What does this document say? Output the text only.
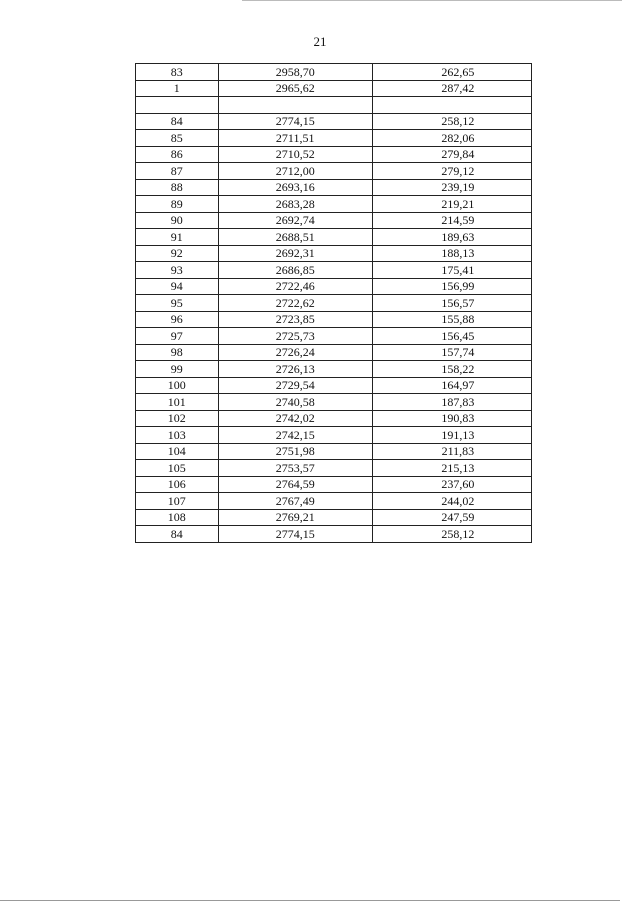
21
83	2958,70	262,65
1	2965,62	287,42

84	2774,15	258,12
85	2711,51	282,06
86	2710,52	279,84
87	2712,00	279,12
88	2693,16	239,19
89	2683,28	219,21
90	2692,74	214,59
91	2688,51	189,63
92	2692,31	188,13
93	2686,85	175,41
94	2722,46	156,99
95	2722,62	156,57
96	2723,85	155,88
97	2725,73	156,45
98	2726,24	157,74
99	2726,13	158,22
100	2729,54	164,97
101	2740,58	187,83
102	2742,02	190,83
103	2742,15	191,13
104	2751,98	211,83
105	2753,57	215,13
106	2764,59	237,60
107	2767,49	244,02
108	2769,21	247,59
84	2774,15	258,12
